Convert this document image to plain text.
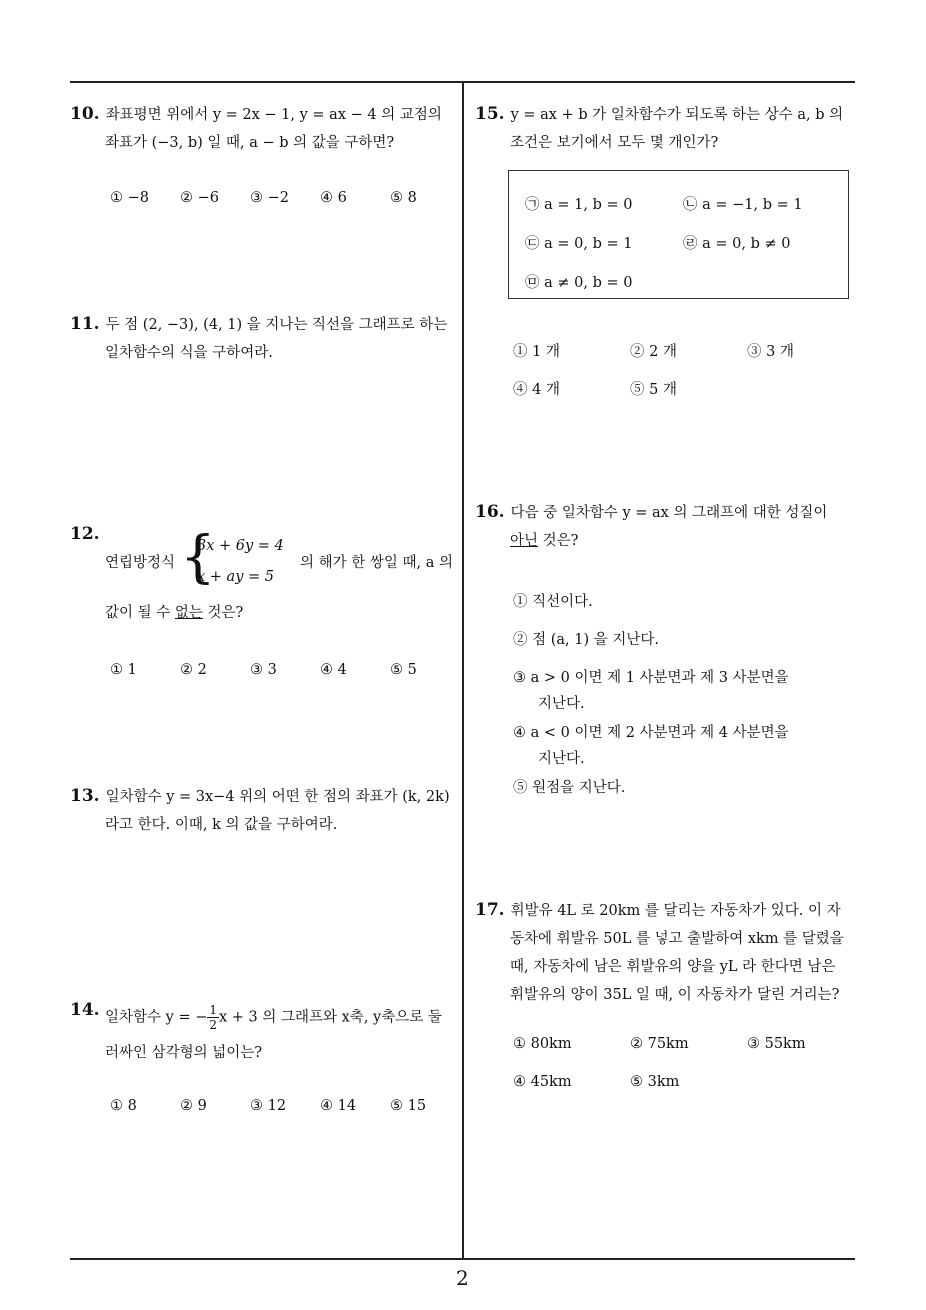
10. 좌표평면 위에서 y = 2x − 1, y = ax − 4 의 교점의
좌표가 (−3, b) 일 때, a − b 의 값을 구하면?
① −8 ② −6 ③ −2 ④ 6	⑤ 8
11. 두 점 (2, −3), (4, 1) 을 지나는 직선을 그래프로 하는
일차함수의 식을 구하여라.
12.
연립방정식 {
3x + 6y = 4
x + ay = 5
의 해가 한 쌍일 때, a 의
값이 될 수 없는 것은?
① 1	② 2	③ 3	④ 4	⑤ 5
13. 일차함수 y = 3x−4 위의 어떤 한 점의 좌표가 (k, 2k)
라고 한다. 이때, k 의 값을 구하여라.
14. 일차함수 y = − $\frac{1}{2}$ x + 3 의 그래프와 x축, y축으로 둘
러싸인 삼각형의 넓이는?
① 8	② 9	③ 12 ④ 14 ⑤ 15
15. y = ax + b 가 일차함수가 되도록 하는 상수 a, b 의
조건은 보기에서 모두 몇 개인가?
㉠ a = 1, b = 0	㉡ a = −1, b = 1
㉢ a = 0, b = 1	㉣ a = 0, b ≠ 0
㉤ a ≠ 0, b = 0
① 1 개	② 2 개	③ 3 개
④ 4 개	⑤ 5 개
16. 다음 중 일차함수 y = ax 의 그래프에 대한 성질이
아닌 것은?
① 직선이다.
② 점 (a, 1) 을 지난다.
③ a > 0 이면 제 1 사분면과 제 3 사분면을
지난다.
④ a < 0 이면 제 2 사분면과 제 4 사분면을
지난다.
⑤ 원점을 지난다.
17. 휘발유 4L 로 20km 를 달리는 자동차가 있다. 이 자
동차에 휘발유 50L 를 넣고 출발하여 xkm 를 달렸을
때, 자동차에 남은 휘발유의 양을 yL 라 한다면 남은
휘발유의 양이 35L 일 때, 이 자동차가 달린 거리는?
① 80km	② 75km	③ 55km
④ 45km	⑤ 3km
2
